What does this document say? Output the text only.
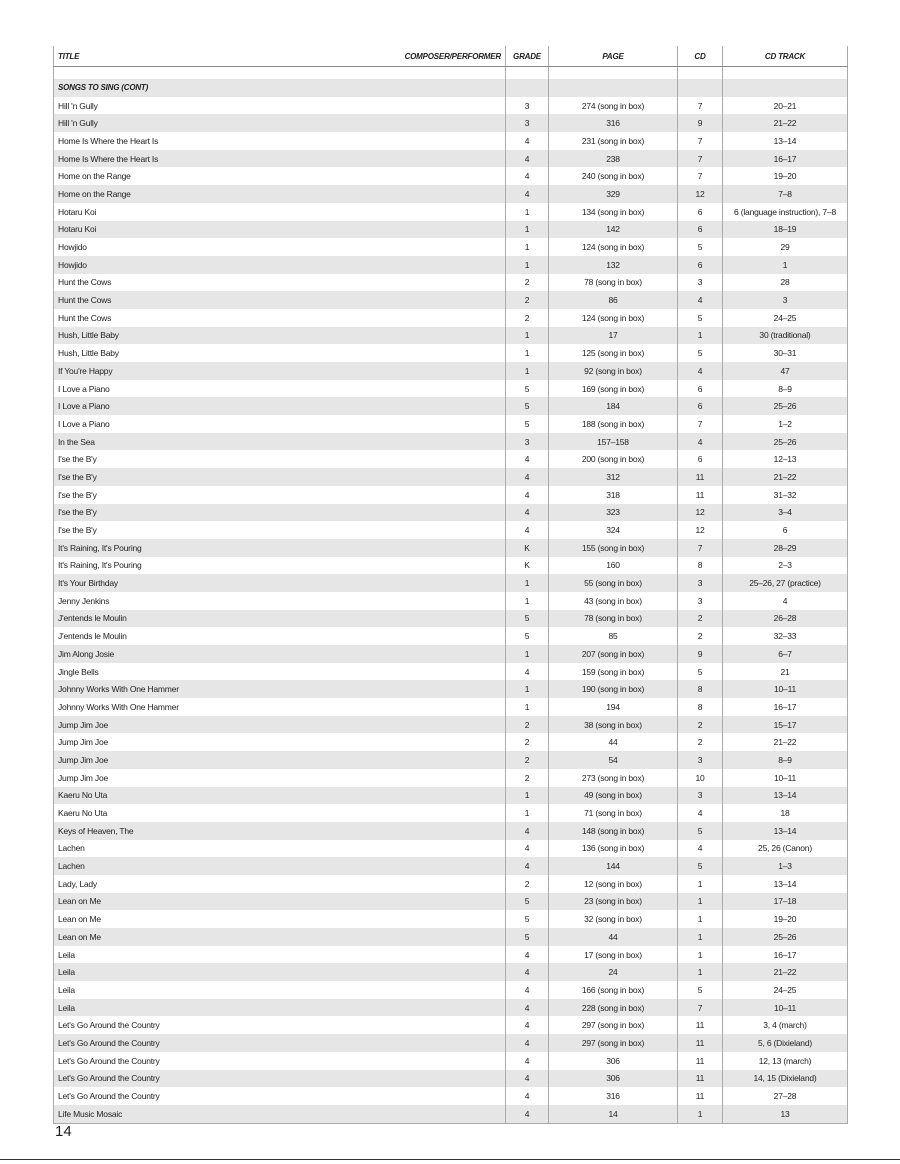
TITLE	COMPOSER/PERFORMER	GRADE	PAGE	CD	CD TRACK

SONGS TO SING (CONT)					
Hill 'n Gully		3	274 (song in box)	7	20–21
Hill 'n Gully		3	316	9	21–22
Home Is Where the Heart Is		4	231 (song in box)	7	13–14
Home Is Where the Heart Is		4	238	7	16–17
Home on the Range		4	240 (song in box)	7	19–20
Home on the Range		4	329	12	7–8
Hotaru Koi		1	134 (song in box)	6	6 (language instruction), 7–8
Hotaru Koi		1	142	6	18–19
Howjido		1	124 (song in box)	5	29
Howjido		1	132	6	1
Hunt the Cows		2	78 (song in box)	3	28
Hunt the Cows		2	86	4	3
Hunt the Cows		2	124 (song in box)	5	24–25
Hush, Little Baby		1	17	1	30 (traditional)
Hush, Little Baby		1	125 (song in box)	5	30–31
If You're Happy		1	92 (song in box)	4	47
I Love a Piano		5	169 (song in box)	6	8–9
I Love a Piano		5	184	6	25–26
I Love a Piano		5	188 (song in box)	7	1–2
In the Sea		3	157–158	4	25–26
I'se the B'y		4	200 (song in box)	6	12–13
I'se the B'y		4	312	11	21–22
I'se the B'y		4	318	11	31–32
I'se the B'y		4	323	12	3–4
I'se the B'y		4	324	12	6
It's Raining, It's Pouring		K	155 (song in box)	7	28–29
It's Raining, It's Pouring		K	160	8	2–3
It's Your Birthday		1	55 (song in box)	3	25–26, 27 (practice)
Jenny Jenkins		1	43 (song in box)	3	4
J'entends le Moulin		5	78 (song in box)	2	26–28
J'entends le Moulin		5	85	2	32–33
Jim Along Josie		1	207 (song in box)	9	6–7
Jingle Bells		4	159 (song in box)	5	21
Johnny Works With One Hammer		1	190 (song in box)	8	10–11
Johnny Works With One Hammer		1	194	8	16–17
Jump Jim Joe		2	38 (song in box)	2	15–17
Jump Jim Joe		2	44	2	21–22
Jump Jim Joe		2	54	3	8–9
Jump Jim Joe		2	273 (song in box)	10	10–11
Kaeru No Uta		1	49 (song in box)	3	13–14
Kaeru No Uta		1	71 (song in box)	4	18
Keys of Heaven, The		4	148 (song in box)	5	13–14
Lachen		4	136 (song in box)	4	25, 26 (Canon)
Lachen		4	144	5	1–3
Lady, Lady		2	12 (song in box)	1	13–14
Lean on Me		5	23 (song in box)	1	17–18
Lean on Me		5	32 (song in box)	1	19–20
Lean on Me		5	44	1	25–26
Leila		4	17 (song in box)	1	16–17
Leila		4	24	1	21–22
Leila		4	166 (song in box)	5	24–25
Leila		4	228 (song in box)	7	10–11
Let's Go Around the Country		4	297 (song in box)	11	3, 4 (march)
Let's Go Around the Country		4	297 (song in box)	11	5, 6 (Dixieland)
Let's Go Around the Country		4	306	11	12, 13 (march)
Let's Go Around the Country		4	306	11	14, 15 (Dixieland)
Let's Go Around the Country		4	316	11	27–28
Life Music Mosaic		4	14	1	13
14
